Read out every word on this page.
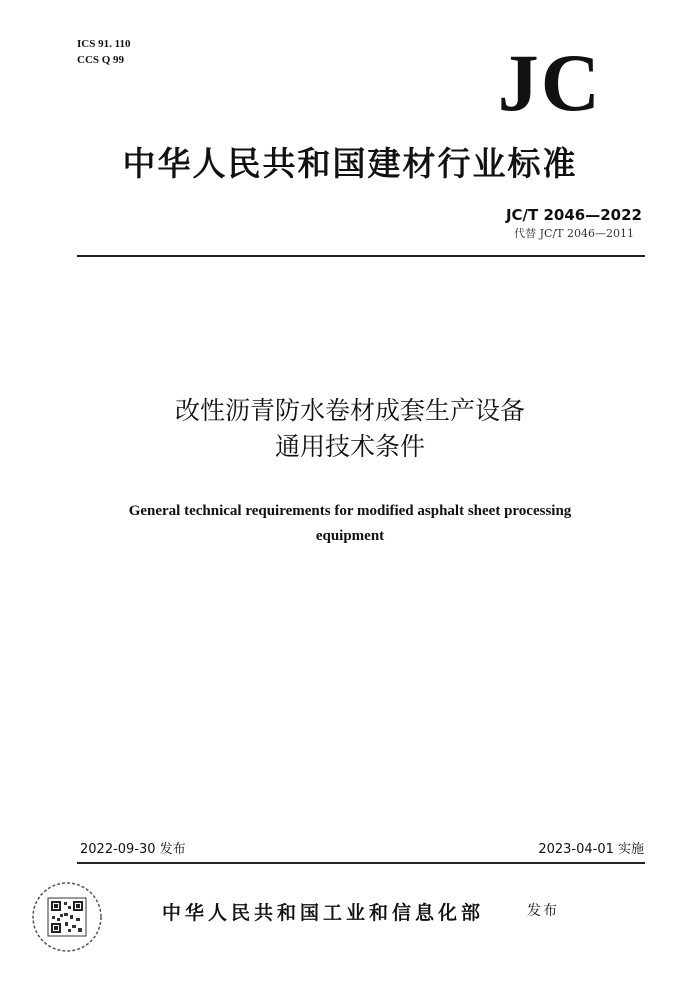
ICS 91. 110
CCS Q 99	JC
中华人民共和国建材行业标准
JC/T 2046—2022
代替 JC/T 2046—2011
改性沥青防水卷材成套生产设备
通用技术条件
General technical requirements for modified asphalt sheet processing
equipment
2022-09-30 发布	2023-04-01 实施
中华人民共和国工业和信息化部	发布
